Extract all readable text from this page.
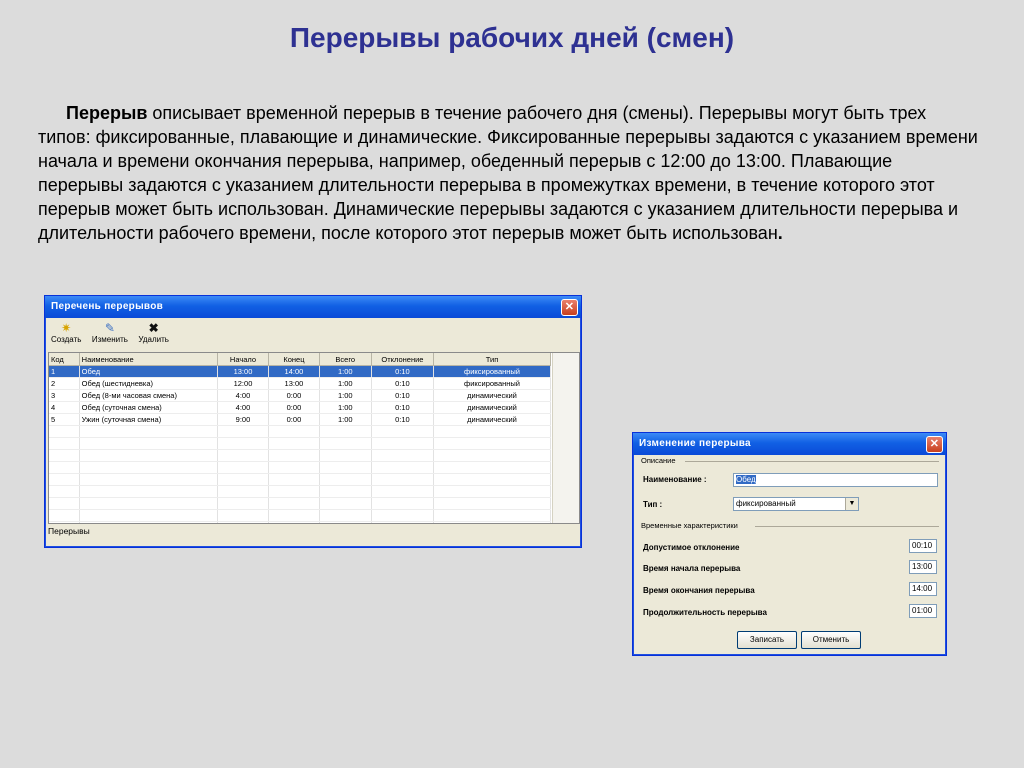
Перерывы рабочих дней (смен)
Перерыв описывает временной перерыв в течение рабочего дня (смены). Перерывы могут быть трех типов: фиксированные, плавающие и динамические. Фиксированные перерывы задаются с указанием времени начала и времени окончания перерыва, например, обеденный перерыв с 12:00 до 13:00. Плавающие перерывы задаются с указанием длительности перерыва в промежутках времени, в течение которого этот перерыв может быть использован. Динамические перерывы задаются с указанием длительности перерыва и длительности рабочего времени, после которого этот перерыв может быть использован.
Перечень перерывов	✕
✷
Создать
✎
Изменить
✖
Удалить
Код	Наименование	Начало	Конец	Всего	Отклонение	Тип
1	Обед	13:00	14:00	1:00	0:10	фиксированный
2	Обед (шестидневка)	12:00	13:00	1:00	0:10	фиксированный
3	Обед (8-ми часовая смена)	4:00	0:00	1:00	0:10	динамический
4	Обед (суточная смена)	4:00	0:00	1:00	0:10	динамический
5	Ужин (суточная смена)	9:00	0:00	1:00	0:10	динамический

Перерывы
Изменение перерыва	✕
Описание
Наименование :	Обед
Тип :	фиксированный	▼
Временные характеристики
Допустимое отклонение	00:10
Время начала перерыва	13:00
Время окончания перерыва	14:00
Продолжительность перерыва	01:00
Записать	Отменить
